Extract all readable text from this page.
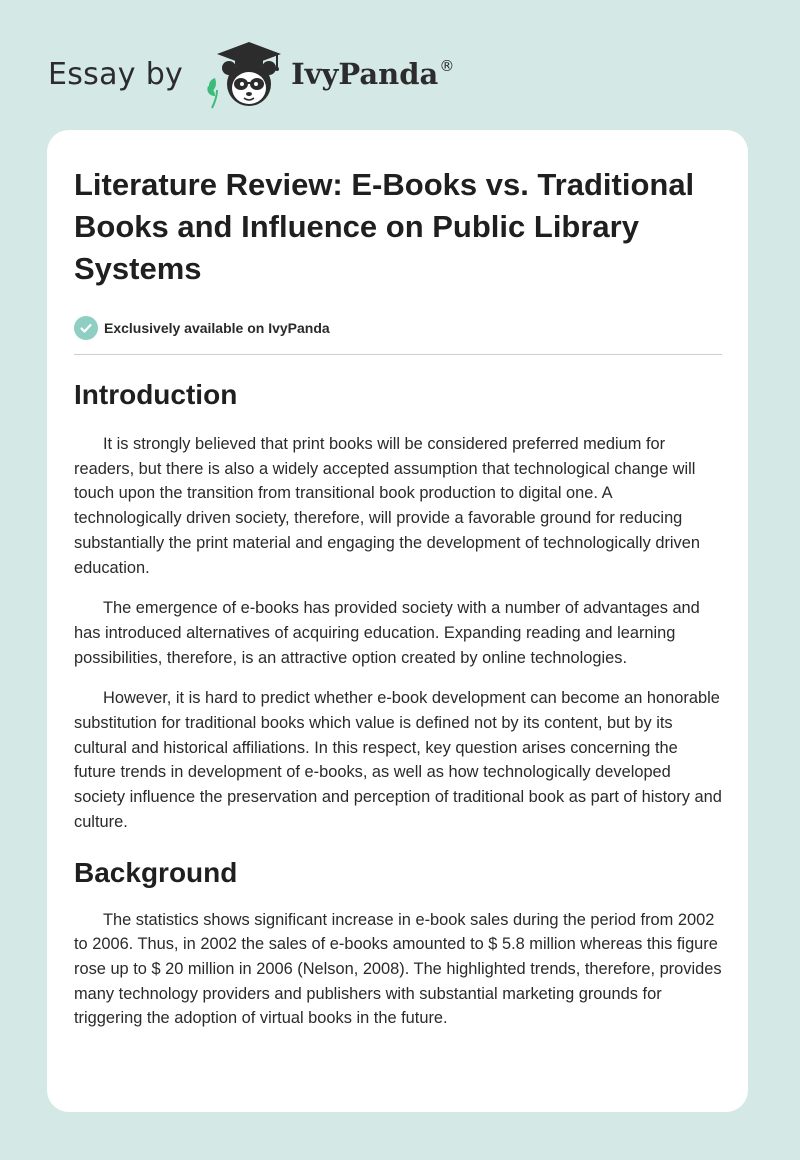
Essay by	IvyPanda ®
Literature Review: E-Books vs. Traditional Books and Influence on Public Library Systems
Exclusively available on IvyPanda
Introduction

It is strongly believed that print books will be considered preferred medium for readers, but there is also a widely accepted assumption that technological change will touch upon the transition from transitional book production to digital one. A technologically driven society, therefore, will provide a favorable ground for reducing substantially the print material and engaging the development of technologically driven education.

The emergence of e-books has provided society with a number of advantages and has introduced alternatives of acquiring education. Expanding reading and learning possibilities, therefore, is an attractive option created by online technologies.

However, it is hard to predict whether e-book development can become an honorable substitution for traditional books which value is defined not by its content, but by its cultural and historical affiliations. In this respect, key question arises concerning the future trends in development of e-books, as well as how technologically developed society influence the preservation and perception of traditional book as part of history and culture.

Background

The statistics shows significant increase in e-book sales during the period from 2002 to 2006. Thus, in 2002 the sales of e-books amounted to $ 5.8 million whereas this figure rose up to $ 20 million in 2006 (Nelson, 2008). The highlighted trends, therefore, provides many technology providers and publishers with substantial marketing grounds for triggering the adoption of virtual books in the future.
